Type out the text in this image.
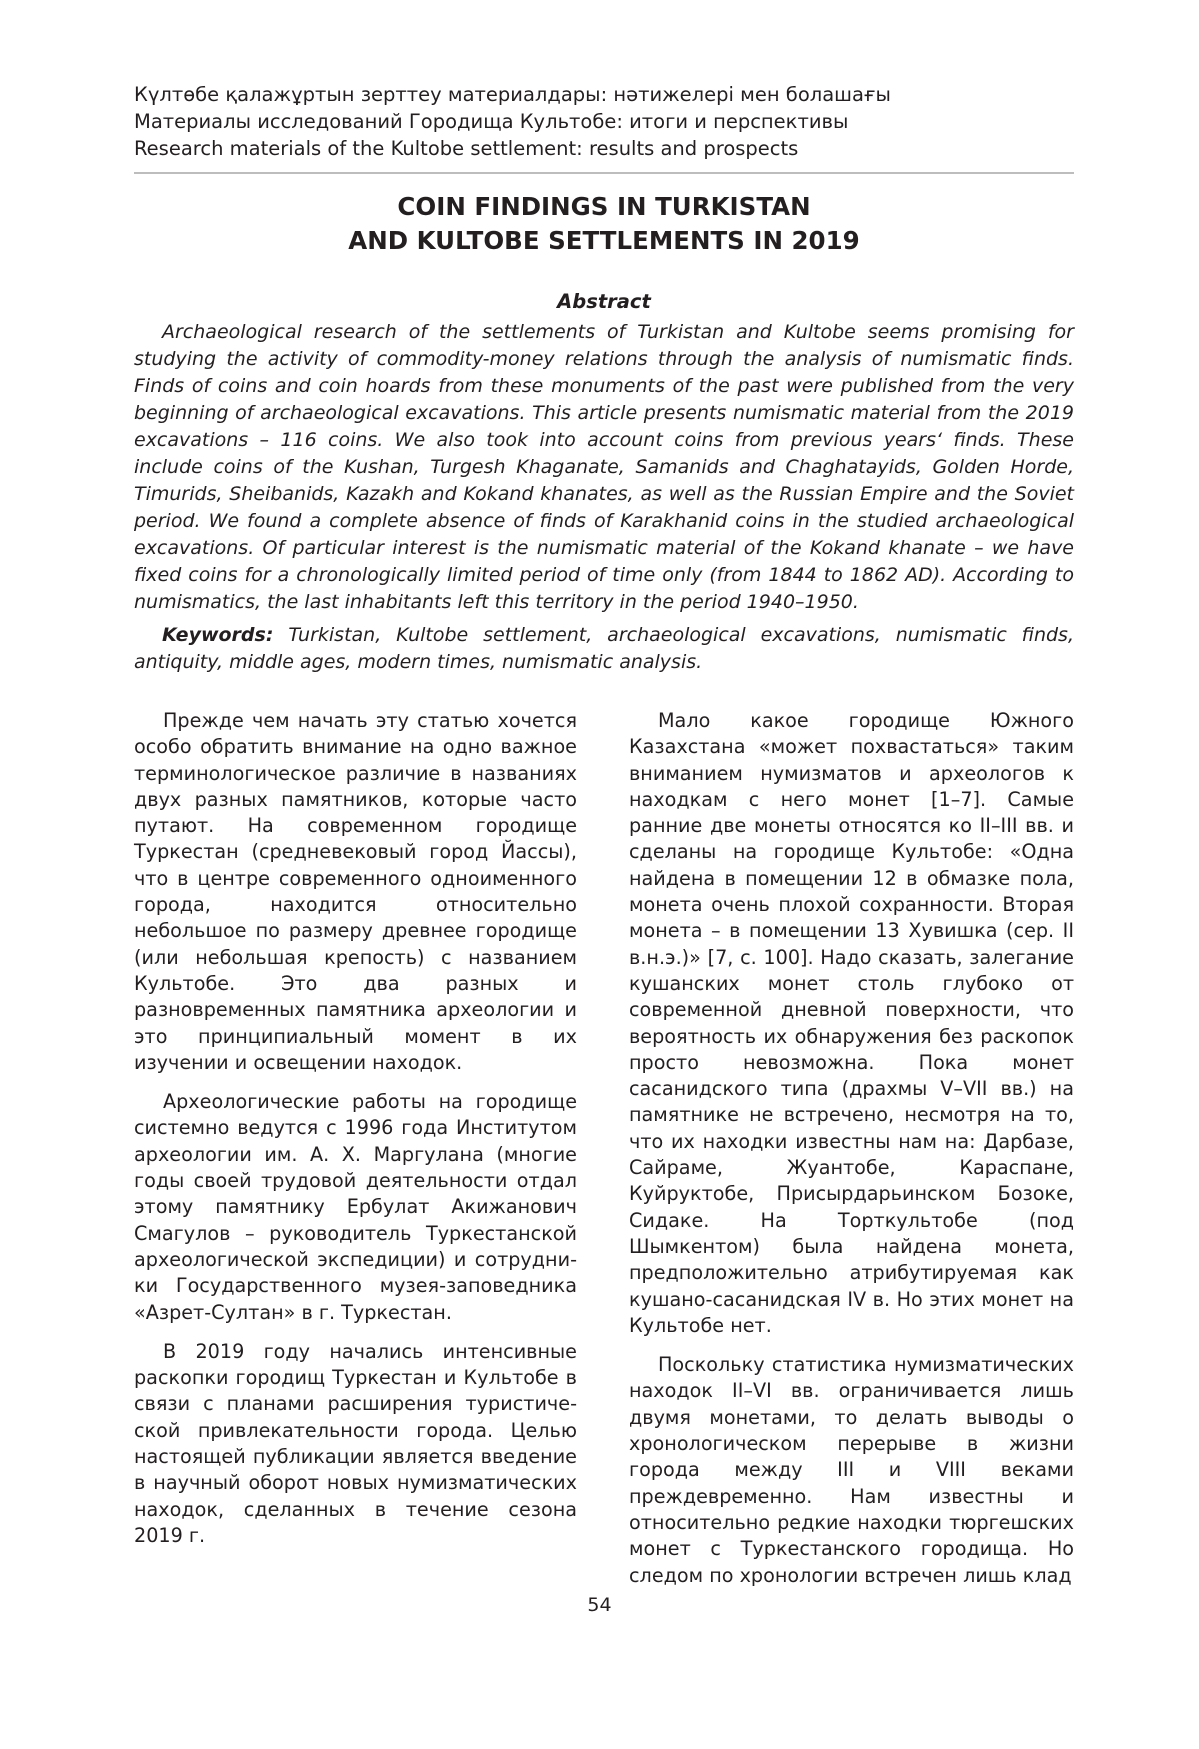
Күлтөбе қалажұртын зерттеу материалдары: нәтижелері мен болашағы
Материалы исследований Городища Культобе: итоги и перспективы
Research materials of the Kultobe settlement: results and prospects
COIN FINDINGS IN TURKISTAN
AND KULTOBE SETTLEMENTS IN 2019
Abstract

Archaeological research of the settlements of Turkistan and Kultobe seems promising for studying the activity of commodity-money relations through the analysis of numismatic finds. Finds of coins and coin hoards from these monuments of the past were published from the very beginning of archaeological excavations. This article presents numismatic material from the 2019 excavations – 116 coins. We also took into account coins from previous years‘ finds. These include coins of the Kushan, Turgesh Khaganate, Samanids and Chaghatayids, Golden Horde, Timurids, Sheibanids, Kazakh and Kokand khanates, as well as the Russian Empire and the Soviet period. We found a complete absence of finds of Karakhanid coins in the studied archaeological excavations. Of particular interest is the numismatic material of the Kokand khanate – we have fixed coins for a chronologically limited period of time only (from 1844 to 1862 AD). According to numismatics, the last inhabitants left this territory in the period 1940–1950.

Keywords: Turkistan, Kultobe settlement, archaeological excavations, numismatic finds, antiquity, middle ages, modern times, numismatic analysis.

Прежде чем начать эту статью хочется особо обратить внимание на одно важное терминологическое различие в названиях двух разных памятников, которые часто путают. На современном городище Туркестан (средневековый город Йассы), что в центре современного одноименного города, находится относительно небольшое по размеру древнее городище (или небольшая крепость) с названием Культобе. Это два разных и разновременных памятника археологии и это принципиальный момент в их изучении и освещении находок.

Археологические работы на городище системно ведутся с 1996 года Институтом археологии им. А. Х. Маргулана (многие годы своей трудовой деятельности отдал этому памятнику Ербулат Акижанович Смагулов – руководитель Туркестанской археологической экспедиции) и сотрудники Государственного музея-заповедника «Азрет-Султан» в г. Туркестан.

В 2019 году начались интенсивные раскопки городищ Туркестан и Культобе в связи с планами расширения туристической привлекательности города. Целью настоящей публикации является введение в научный оборот новых нумизматических находок, сделанных в течение сезона 2019 г.

Мало какое городище Южного Казахстана «может похвастаться» таким вниманием нумизматов и археологов к находкам с него монет [1–7]. Самые ранние две монеты относятся ко II–III вв. и сделаны на городище Культобе: «Одна найдена в помещении 12 в обмазке пола, монета очень плохой сохранности. Вторая монета – в помещении 13 Хувишка (сер. II в.н.э.)» [7, с. 100]. Надо сказать, залегание кушанских монет столь глубоко от современной дневной поверхности, что вероятность их обнаружения без раскопок просто невозможна. Пока монет сасанидского типа (драхмы V–VII вв.) на памятнике не встречено, несмотря на то, что их находки известны нам на: Дарбазе, Сайраме, Жуантобе, Караспане, Куйруктобе, Присырдарьинском Бозоке, Сидаке. На Торткультобе (под Шымкентом) была найдена монета, предположительно атрибутируемая как кушано-сасанидская IV в. Но этих монет на Культобе нет.

Поскольку статистика нумизматических находок II–VI вв. ограничивается лишь двумя монетами, то делать выводы о хронологическом перерыве в жизни города между III и VIII веками преждевременно. Нам известны и относительно редкие находки тюргешских монет с Туркестанского городища. Но следом по хронологии встречен лишь клад

54
